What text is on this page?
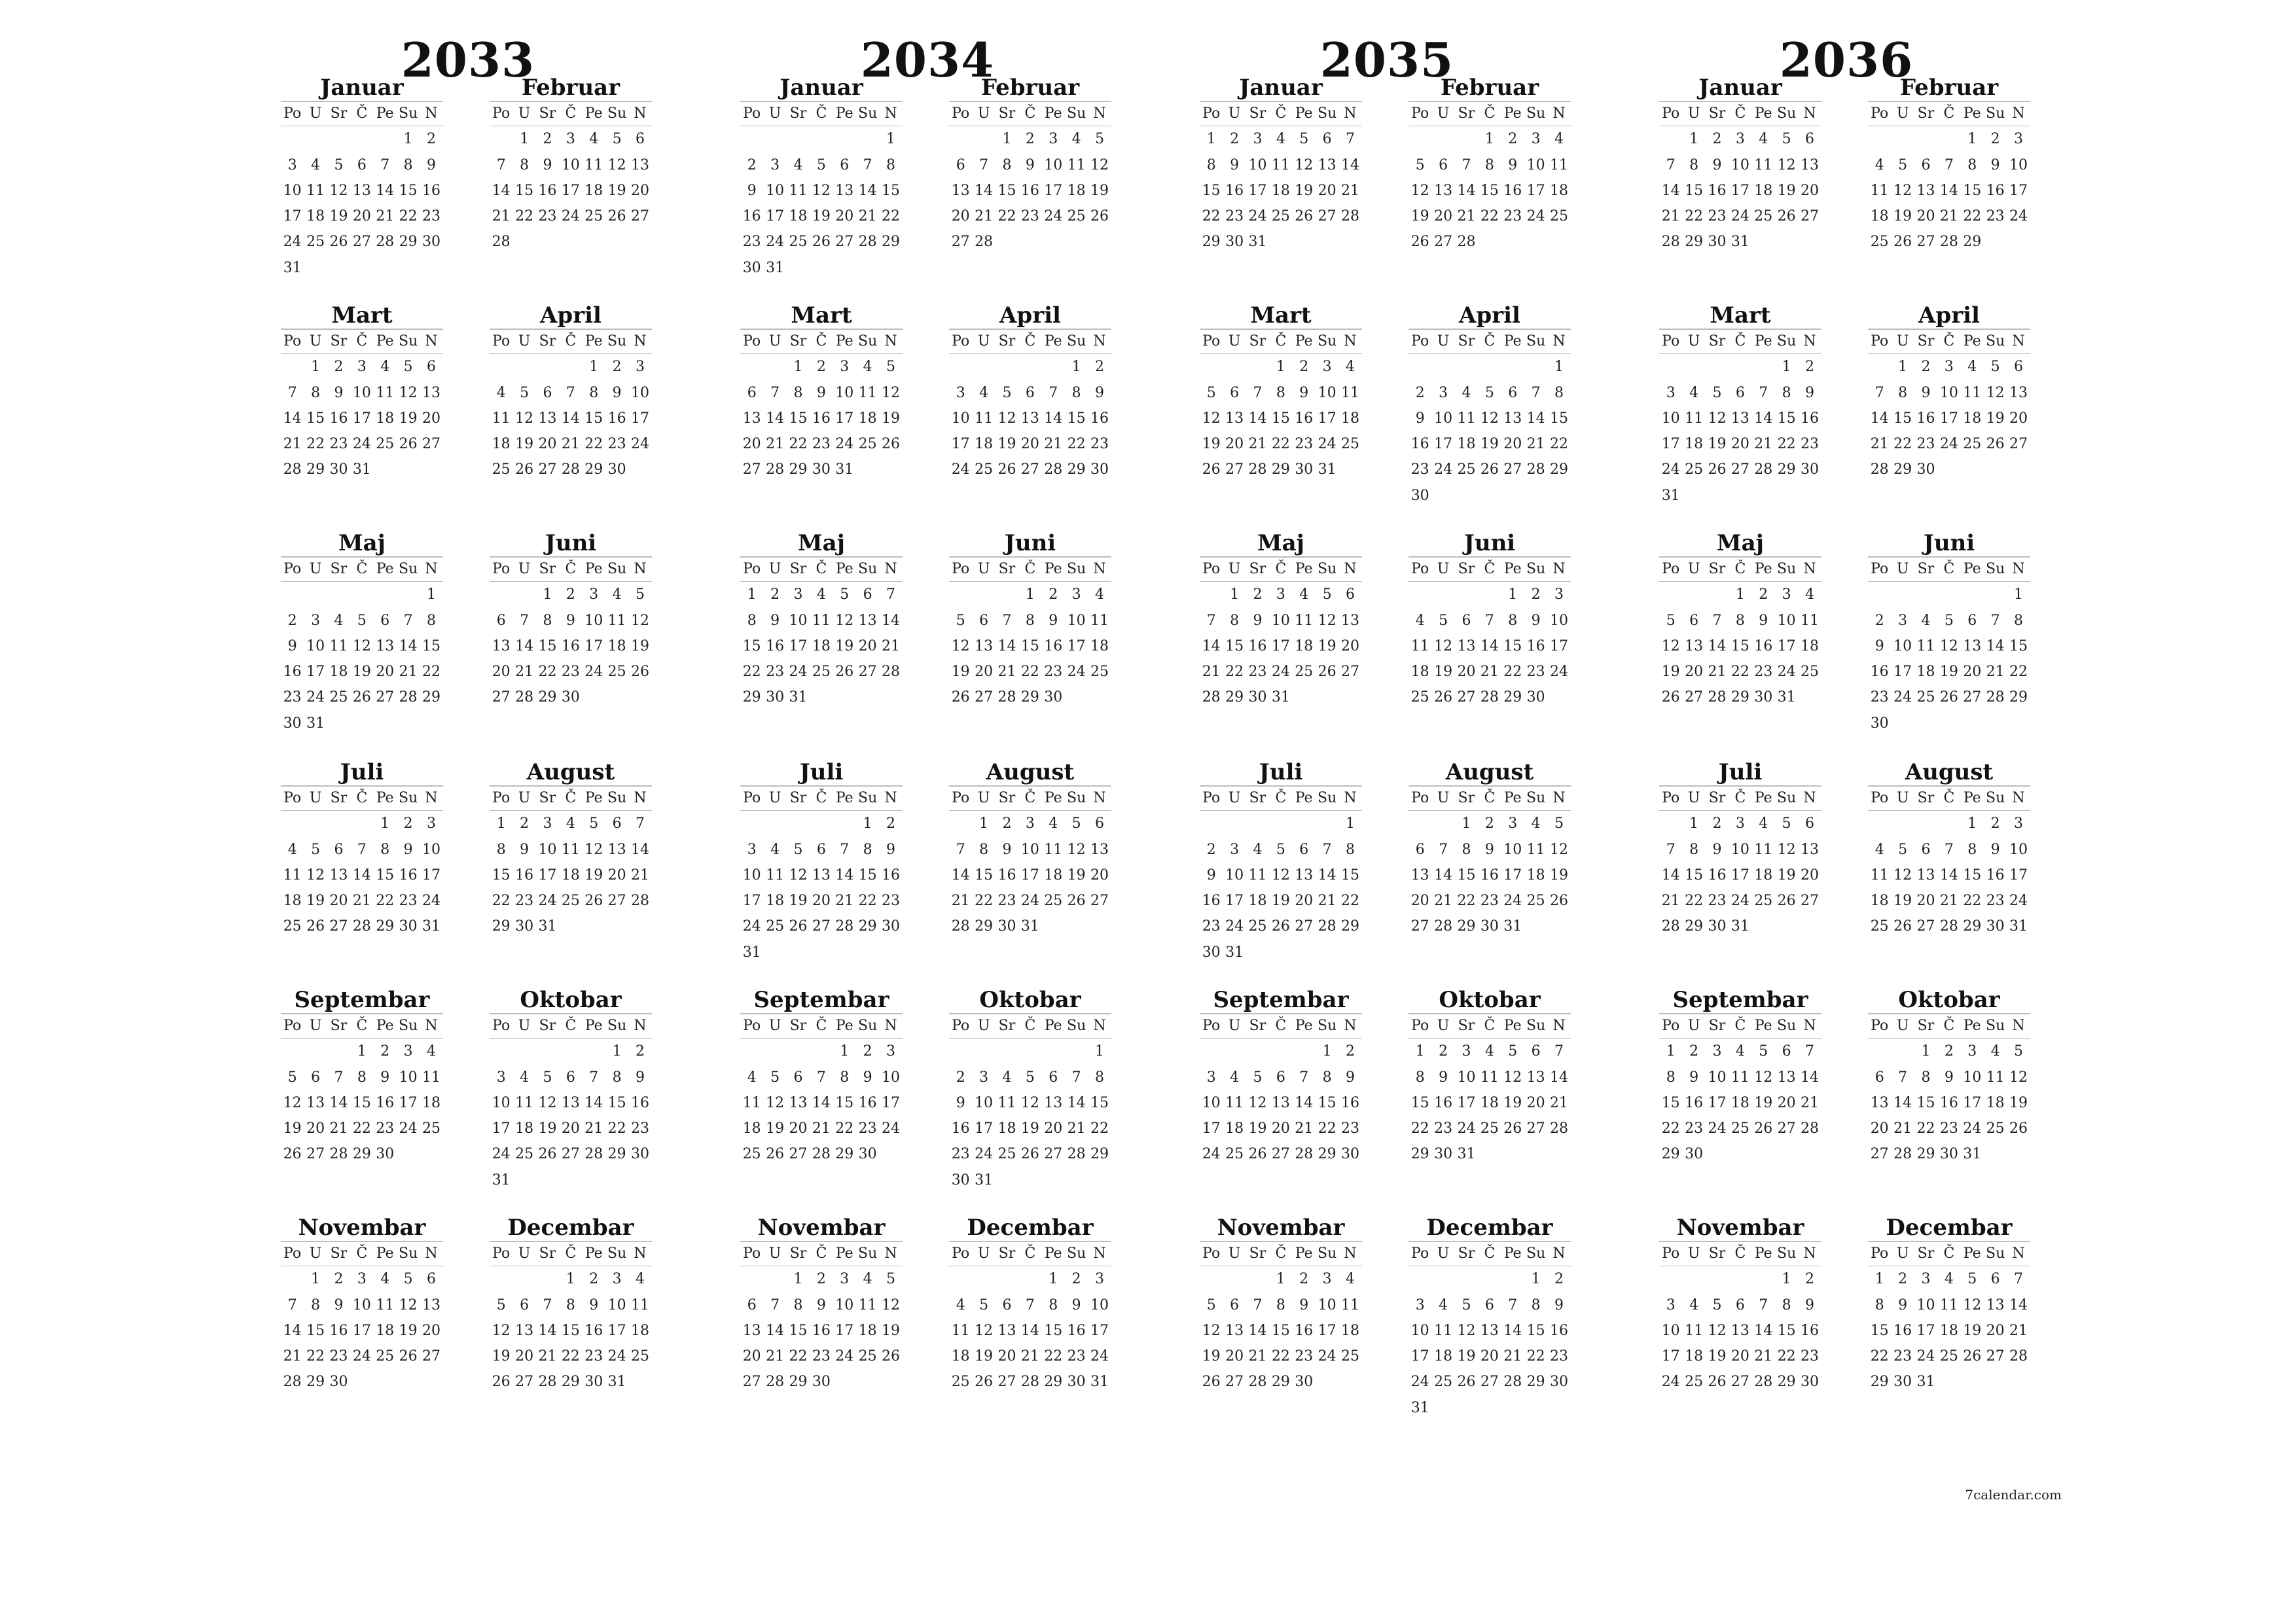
2033
Januar
Po U Sr Č Pe Su N
1 2
3 4 5 6 7 8 9
10 11 12 13 14 15 16
17 18 19 20 21 22 23
24 25 26 27 28 29 30
31
Februar
Po U Sr Č Pe Su N
1 2 3 4 5 6
7 8 9 10 11 12 13
14 15 16 17 18 19 20
21 22 23 24 25 26 27
28
Mart
Po U Sr Č Pe Su N
1 2 3 4 5 6
7 8 9 10 11 12 13
14 15 16 17 18 19 20
21 22 23 24 25 26 27
28 29 30 31
April
Po U Sr Č Pe Su N
1 2 3
4 5 6 7 8 9 10
11 12 13 14 15 16 17
18 19 20 21 22 23 24
25 26 27 28 29 30
Maj
Po U Sr Č Pe Su N
1
2 3 4 5 6 7 8
9 10 11 12 13 14 15
16 17 18 19 20 21 22
23 24 25 26 27 28 29
30 31
Juni
Po U Sr Č Pe Su N
1 2 3 4 5
6 7 8 9 10 11 12
13 14 15 16 17 18 19
20 21 22 23 24 25 26
27 28 29 30
Juli
Po U Sr Č Pe Su N
1 2 3
4 5 6 7 8 9 10
11 12 13 14 15 16 17
18 19 20 21 22 23 24
25 26 27 28 29 30 31
August
Po U Sr Č Pe Su N
1 2 3 4 5 6 7
8 9 10 11 12 13 14
15 16 17 18 19 20 21
22 23 24 25 26 27 28
29 30 31
Septembar
Po U Sr Č Pe Su N
1 2 3 4
5 6 7 8 9 10 11
12 13 14 15 16 17 18
19 20 21 22 23 24 25
26 27 28 29 30
Oktobar
Po U Sr Č Pe Su N
1 2
3 4 5 6 7 8 9
10 11 12 13 14 15 16
17 18 19 20 21 22 23
24 25 26 27 28 29 30
31
Novembar
Po U Sr Č Pe Su N
1 2 3 4 5 6
7 8 9 10 11 12 13
14 15 16 17 18 19 20
21 22 23 24 25 26 27
28 29 30
Decembar
Po U Sr Č Pe Su N
1 2 3 4
5 6 7 8 9 10 11
12 13 14 15 16 17 18
19 20 21 22 23 24 25
26 27 28 29 30 31
2034
Januar
Po U Sr Č Pe Su N
1
2 3 4 5 6 7 8
9 10 11 12 13 14 15
16 17 18 19 20 21 22
23 24 25 26 27 28 29
30 31
Februar
Po U Sr Č Pe Su N
1 2 3 4 5
6 7 8 9 10 11 12
13 14 15 16 17 18 19
20 21 22 23 24 25 26
27 28
Mart
Po U Sr Č Pe Su N
1 2 3 4 5
6 7 8 9 10 11 12
13 14 15 16 17 18 19
20 21 22 23 24 25 26
27 28 29 30 31
April
Po U Sr Č Pe Su N
1 2
3 4 5 6 7 8 9
10 11 12 13 14 15 16
17 18 19 20 21 22 23
24 25 26 27 28 29 30
Maj
Po U Sr Č Pe Su N
1 2 3 4 5 6 7
8 9 10 11 12 13 14
15 16 17 18 19 20 21
22 23 24 25 26 27 28
29 30 31
Juni
Po U Sr Č Pe Su N
1 2 3 4
5 6 7 8 9 10 11
12 13 14 15 16 17 18
19 20 21 22 23 24 25
26 27 28 29 30
Juli
Po U Sr Č Pe Su N
1 2
3 4 5 6 7 8 9
10 11 12 13 14 15 16
17 18 19 20 21 22 23
24 25 26 27 28 29 30
31
August
Po U Sr Č Pe Su N
1 2 3 4 5 6
7 8 9 10 11 12 13
14 15 16 17 18 19 20
21 22 23 24 25 26 27
28 29 30 31
Septembar
Po U Sr Č Pe Su N
1 2 3
4 5 6 7 8 9 10
11 12 13 14 15 16 17
18 19 20 21 22 23 24
25 26 27 28 29 30
Oktobar
Po U Sr Č Pe Su N
1
2 3 4 5 6 7 8
9 10 11 12 13 14 15
16 17 18 19 20 21 22
23 24 25 26 27 28 29
30 31
Novembar
Po U Sr Č Pe Su N
1 2 3 4 5
6 7 8 9 10 11 12
13 14 15 16 17 18 19
20 21 22 23 24 25 26
27 28 29 30
Decembar
Po U Sr Č Pe Su N
1 2 3
4 5 6 7 8 9 10
11 12 13 14 15 16 17
18 19 20 21 22 23 24
25 26 27 28 29 30 31
2035
Januar
Po U Sr Č Pe Su N
1 2 3 4 5 6 7
8 9 10 11 12 13 14
15 16 17 18 19 20 21
22 23 24 25 26 27 28
29 30 31
Februar
Po U Sr Č Pe Su N
1 2 3 4
5 6 7 8 9 10 11
12 13 14 15 16 17 18
19 20 21 22 23 24 25
26 27 28
Mart
Po U Sr Č Pe Su N
1 2 3 4
5 6 7 8 9 10 11
12 13 14 15 16 17 18
19 20 21 22 23 24 25
26 27 28 29 30 31
April
Po U Sr Č Pe Su N
1
2 3 4 5 6 7 8
9 10 11 12 13 14 15
16 17 18 19 20 21 22
23 24 25 26 27 28 29
30
Maj
Po U Sr Č Pe Su N
1 2 3 4 5 6
7 8 9 10 11 12 13
14 15 16 17 18 19 20
21 22 23 24 25 26 27
28 29 30 31
Juni
Po U Sr Č Pe Su N
1 2 3
4 5 6 7 8 9 10
11 12 13 14 15 16 17
18 19 20 21 22 23 24
25 26 27 28 29 30
Juli
Po U Sr Č Pe Su N
1
2 3 4 5 6 7 8
9 10 11 12 13 14 15
16 17 18 19 20 21 22
23 24 25 26 27 28 29
30 31
August
Po U Sr Č Pe Su N
1 2 3 4 5
6 7 8 9 10 11 12
13 14 15 16 17 18 19
20 21 22 23 24 25 26
27 28 29 30 31
Septembar
Po U Sr Č Pe Su N
1 2
3 4 5 6 7 8 9
10 11 12 13 14 15 16
17 18 19 20 21 22 23
24 25 26 27 28 29 30
Oktobar
Po U Sr Č Pe Su N
1 2 3 4 5 6 7
8 9 10 11 12 13 14
15 16 17 18 19 20 21
22 23 24 25 26 27 28
29 30 31
Novembar
Po U Sr Č Pe Su N
1 2 3 4
5 6 7 8 9 10 11
12 13 14 15 16 17 18
19 20 21 22 23 24 25
26 27 28 29 30
Decembar
Po U Sr Č Pe Su N
1 2
3 4 5 6 7 8 9
10 11 12 13 14 15 16
17 18 19 20 21 22 23
24 25 26 27 28 29 30
31
2036
Januar
Po U Sr Č Pe Su N
1 2 3 4 5 6
7 8 9 10 11 12 13
14 15 16 17 18 19 20
21 22 23 24 25 26 27
28 29 30 31
Februar
Po U Sr Č Pe Su N
1 2 3
4 5 6 7 8 9 10
11 12 13 14 15 16 17
18 19 20 21 22 23 24
25 26 27 28 29
Mart
Po U Sr Č Pe Su N
1 2
3 4 5 6 7 8 9
10 11 12 13 14 15 16
17 18 19 20 21 22 23
24 25 26 27 28 29 30
31
April
Po U Sr Č Pe Su N
1 2 3 4 5 6
7 8 9 10 11 12 13
14 15 16 17 18 19 20
21 22 23 24 25 26 27
28 29 30
Maj
Po U Sr Č Pe Su N
1 2 3 4
5 6 7 8 9 10 11
12 13 14 15 16 17 18
19 20 21 22 23 24 25
26 27 28 29 30 31
Juni
Po U Sr Č Pe Su N
1
2 3 4 5 6 7 8
9 10 11 12 13 14 15
16 17 18 19 20 21 22
23 24 25 26 27 28 29
30
Juli
Po U Sr Č Pe Su N
1 2 3 4 5 6
7 8 9 10 11 12 13
14 15 16 17 18 19 20
21 22 23 24 25 26 27
28 29 30 31
August
Po U Sr Č Pe Su N
1 2 3
4 5 6 7 8 9 10
11 12 13 14 15 16 17
18 19 20 21 22 23 24
25 26 27 28 29 30 31
Septembar
Po U Sr Č Pe Su N
1 2 3 4 5 6 7
8 9 10 11 12 13 14
15 16 17 18 19 20 21
22 23 24 25 26 27 28
29 30
Oktobar
Po U Sr Č Pe Su N
1 2 3 4 5
6 7 8 9 10 11 12
13 14 15 16 17 18 19
20 21 22 23 24 25 26
27 28 29 30 31
Novembar
Po U Sr Č Pe Su N
1 2
3 4 5 6 7 8 9
10 11 12 13 14 15 16
17 18 19 20 21 22 23
24 25 26 27 28 29 30
Decembar
Po U Sr Č Pe Su N
1 2 3 4 5 6 7
8 9 10 11 12 13 14
15 16 17 18 19 20 21
22 23 24 25 26 27 28
29 30 31
7calendar.com
